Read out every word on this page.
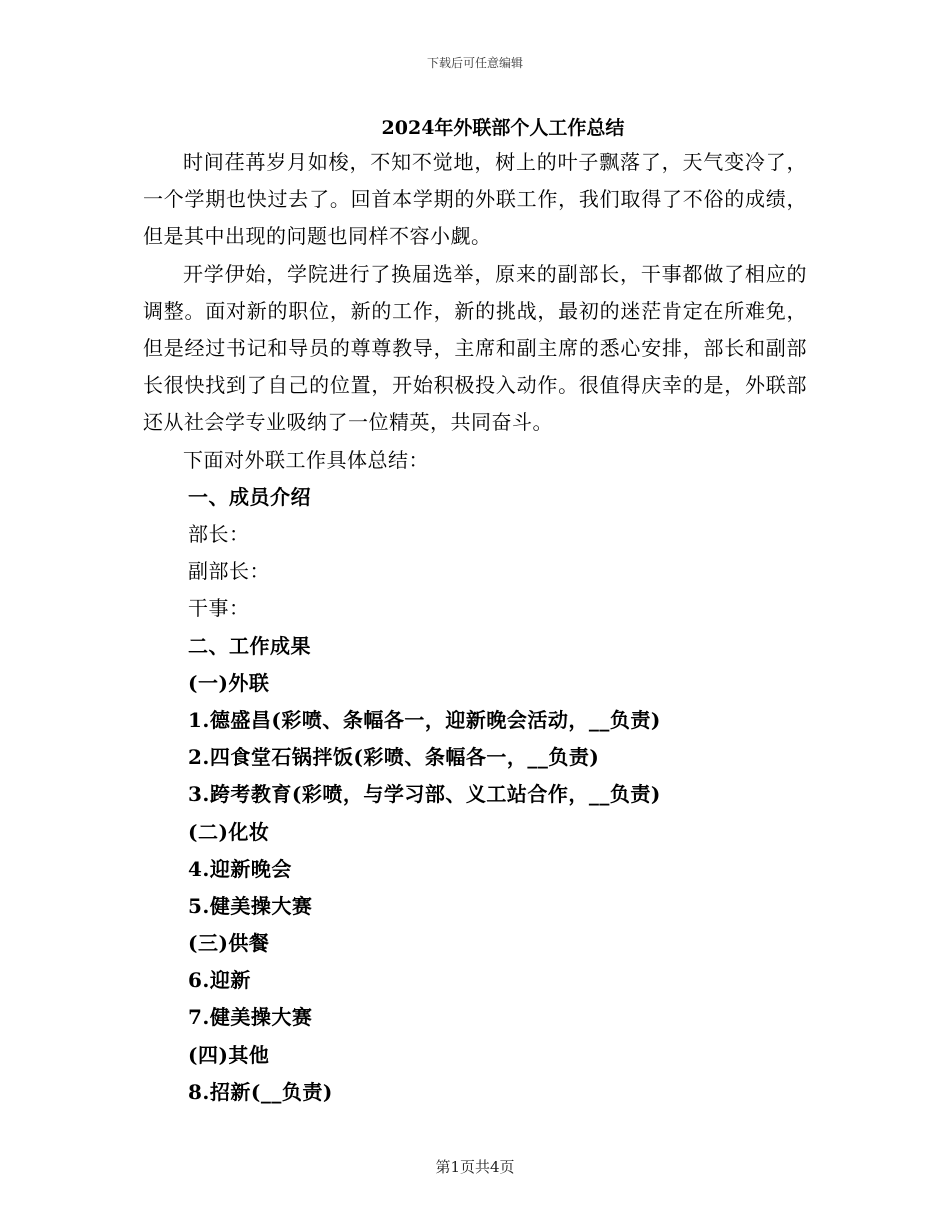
下载后可任意编辑
2024年外联部个人工作总结

时间荏苒岁月如梭，不知不觉地，树上的叶子飘落了，天气变冷了，一个学期也快过去了。回首本学期的外联工作，我们取得了不俗的成绩，但是其中出现的问题也同样不容小觑。

开学伊始，学院进行了换届选举，原来的副部长，干事都做了相应的调整。面对新的职位，新的工作，新的挑战，最初的迷茫肯定在所难免，但是经过书记和导员的尊尊教导，主席和副主席的悉心安排，部长和副部长很快找到了自己的位置，开始积极投入动作。很值得庆幸的是，外联部还从社会学专业吸纳了一位精英，共同奋斗。

下面对外联工作具体总结：

一、成员介绍
部长：
副部长：
干事：
二、工作成果
(一)外联
1.德盛昌(彩喷、条幅各一，迎新晚会活动，__负责)
2.四食堂石锅拌饭(彩喷、条幅各一，__负责)
3.跨考教育(彩喷，与学习部、义工站合作，__负责)
(二)化妆
4.迎新晚会
5.健美操大赛
(三)供餐
6.迎新
7.健美操大赛
(四)其他
8.招新(__负责)
第1页共4页
